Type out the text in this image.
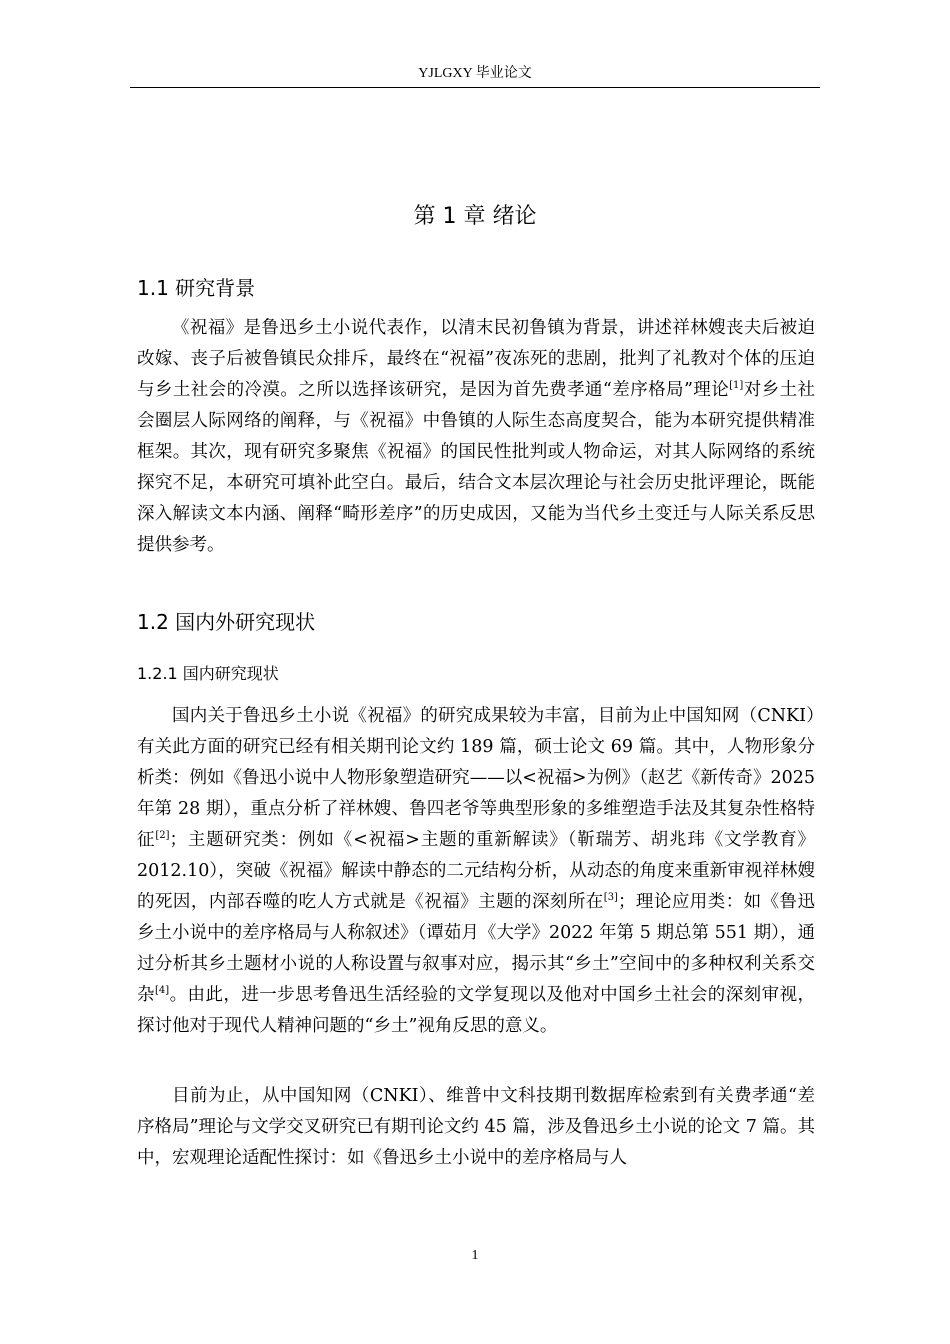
YJLGXY 毕业论文
第 1 章 绪论
1.1 研究背景

《祝福》是鲁迅乡土小说代表作，以清末民初鲁镇为背景，讲述祥林嫂丧夫后被迫改嫁、丧子后被鲁镇民众排斥，最终在“祝福”夜冻死的悲剧，批判了礼教对个体的压迫与乡土社会的冷漠。之所以选择该研究，是因为首先费孝通“差序格局”理论[1]对乡土社会圈层人际网络的阐释，与《祝福》中鲁镇的人际生态高度契合，能为本研究提供精准框架。其次，现有研究多聚焦《祝福》的国民性批判或人物命运，对其人际网络的系统探究不足，本研究可填补此空白。最后，结合文本层次理论与社会历史批评理论，既能深入解读文本内涵、阐释“畸形差序”的历史成因，又能为当代乡土变迁与人际关系反思提供参考。

1.2 国内外研究现状
1.2.1 国内研究现状

国内关于鲁迅乡土小说《祝福》的研究成果较为丰富，目前为止中国知网（CNKI）有关此方面的研究已经有相关期刊论文约 189 篇，硕士论文 69 篇。其中，人物形象分析类：例如《鲁迅小说中人物形象塑造研究——以<祝福>为例》（赵艺《新传奇》2025 年第 28 期），重点分析了祥林嫂、鲁四老爷等典型形象的多维塑造手法及其复杂性格特征[2]；主题研究类：例如《<祝福>主题的重新解读》（靳瑞芳、胡兆玮《文学教育》2012.10），突破《祝福》解读中静态的二元结构分析，从动态的角度来重新审视祥林嫂的死因，内部吞噬的吃人方式就是《祝福》主题的深刻所在[3]；理论应用类：如《鲁迅乡土小说中的差序格局与人称叙述》（谭茹月《大学》2022 年第 5 期总第 551 期），通过分析其乡土题材小说的人称设置与叙事对应，揭示其“乡土”空间中的多种权利关系交杂[4]。由此，进一步思考鲁迅生活经验的文学复现以及他对中国乡土社会的深刻审视，探讨他对于现代人精神问题的“乡土”视角反思的意义。

目前为止，从中国知网（CNKI）、维普中文科技期刊数据库检索到有关费孝通“差序格局”理论与文学交叉研究已有期刊论文约 45 篇，涉及鲁迅乡土小说的论文 7 篇。其中，宏观理论适配性探讨：如《鲁迅乡土小说中的差序格局与人

1
